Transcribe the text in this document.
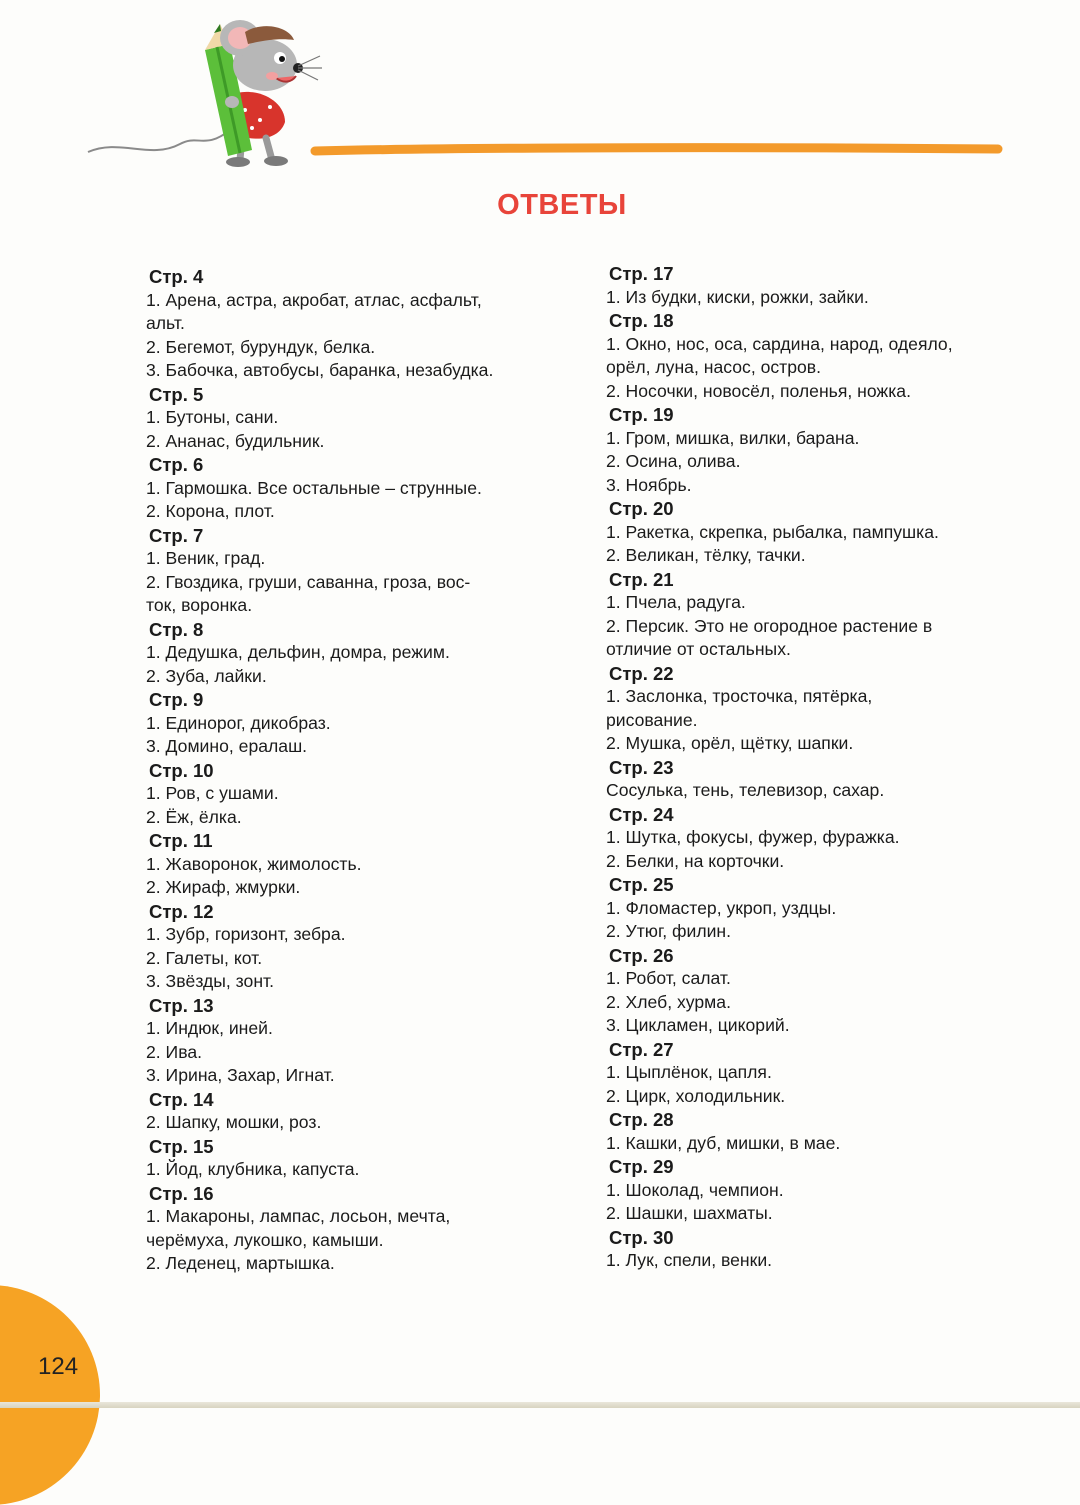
ОТВЕТЫ
Стр. 4
1. Арена, астра, акробат, атлас, асфальт,
альт.
2. Бегемот, бурундук, белка.
3. Бабочка, автобусы, баранка, незабудка.
Стр. 5
1. Бутоны, сани.
2. Ананас, будильник.
Стр. 6
1. Гармошка. Все остальные – струнные.
2. Корона, плот.
Стр. 7
1. Веник, град.
2. Гвоздика, груши, саванна, гроза, вос-
ток, воронка.
Стр. 8
1. Дедушка, дельфин, домра, режим.
2. Зуба, лайки.
Стр. 9
1. Единорог, дикобраз.
3. Домино, ералаш.
Стр. 10
1. Ров, с ушами.
2. Ёж, ёлка.
Стр. 11
1. Жаворонок, жимолость.
2. Жираф, жмурки.
Стр. 12
1. Зубр, горизонт, зебра.
2. Галеты, кот.
3. Звёзды, зонт.
Стр. 13
1. Индюк, иней.
2. Ива.
3. Ирина, Захар, Игнат.
Стр. 14
2. Шапку, мошки, роз.
Стр. 15
1. Йод, клубника, капуста.
Стр. 16
1. Макароны, лампас, лосьон, мечта,
черёмуха, лукошко, камыши.
2. Леденец, мартышка.
Стр. 17
1. Из будки, киски, рожки, зайки.
Стр. 18
1. Окно, нос, оса, сардина, народ, одеяло,
орёл, луна, насос, остров.
2. Носочки, новосёл, поленья, ножка.
Стр. 19
1. Гром, мишка, вилки, барана.
2. Осина, олива.
3. Ноябрь.
Стр. 20
1. Ракетка, скрепка, рыбалка, пампушка.
2. Великан, тёлку, тачки.
Стр. 21
1. Пчела, радуга.
2. Персик. Это не огородное растение в
отличие от остальных.
Стр. 22
1. Заслонка, тросточка, пятёрка,
рисование.
2. Мушка, орёл, щётку, шапки.
Стр. 23
Сосулька, тень, телевизор, сахар.
Стр. 24
1. Шутка, фокусы, фужер, фуражка.
2. Белки, на корточки.
Стр. 25
1. Фломастер, укроп, уздцы.
2. Утюг, филин.
Стр. 26
1. Робот, салат.
2. Хлеб, хурма.
3. Цикламен, цикорий.
Стр. 27
1. Цыплёнок, цапля.
2. Цирк, холодильник.
Стр. 28
1. Кашки, дуб, мишки, в мае.
Стр. 29
1. Шоколад, чемпион.
2. Шашки, шахматы.
Стр. 30
1. Лук, спели, венки.
124
